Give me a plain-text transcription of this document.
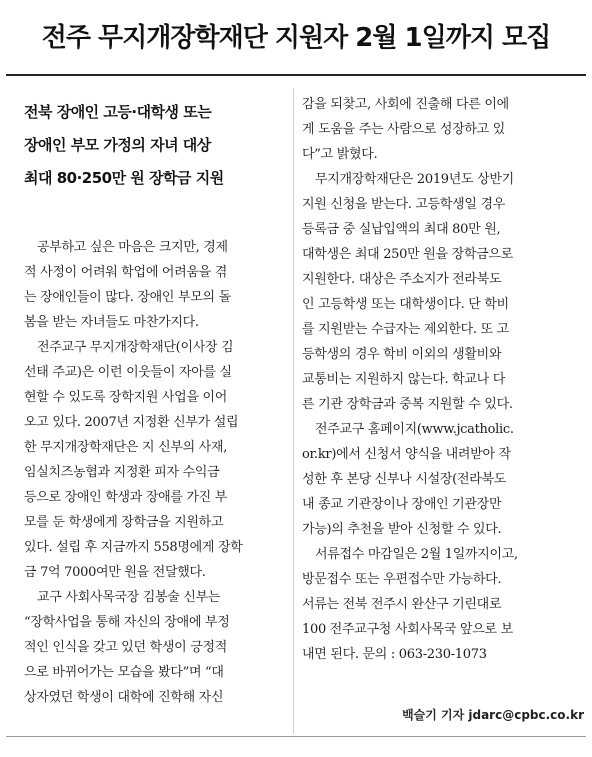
전주 무지개장학재단 지원자 2월 1일까지 모집
전북 장애인 고등·대학생 또는
장애인 부모 가정의 자녀 대상
최대 80·250만 원 장학금 지원

공부하고 싶은 마음은 크지만, 경제
적 사정이 어려워 학업에 어려움을 겪
는 장애인들이 많다. 장애인 부모의 돌
봄을 받는 자녀들도 마찬가지다.

전주교구 무지개장학재단(이사장 김
선태 주교)은 이런 이웃들이 자아를 실
현할 수 있도록 장학지원 사업을 이어
오고 있다. 2007년 지정환 신부가 설립
한 무지개장학재단은 지 신부의 사재,
임실치즈농협과 지정환 피자 수익금
등으로 장애인 학생과 장애를 가진 부
모를 둔 학생에게 장학금을 지원하고
있다. 설립 후 지금까지 558명에게 장학
금 7억 7000여만 원을 전달했다.

교구 사회사목국장 김봉술 신부는
“장학사업을 통해 자신의 장애에 부정
적인 인식을 갖고 있던 학생이 긍정적
으로 바뀌어가는 모습을 봤다”며 “대
상자였던 학생이 대학에 진학해 자신

감을 되찾고, 사회에 진출해 다른 이에
게 도움을 주는 사람으로 성장하고 있
다”고 밝혔다.

무지개장학재단은 2019년도 상반기
지원 신청을 받는다. 고등학생일 경우
등록금 중 실납입액의 최대 80만 원,
대학생은 최대 250만 원을 장학금으로
지원한다. 대상은 주소지가 전라북도
인 고등학생 또는 대학생이다. 단 학비
를 지원받는 수급자는 제외한다. 또 고
등학생의 경우 학비 이외의 생활비와
교통비는 지원하지 않는다. 학교나 다
른 기관 장학금과 중복 지원할 수 있다.

전주교구 홈페이지(www.jcatholic.
or.kr)에서 신청서 양식을 내려받아 작
성한 후 본당 신부나 시설장(전라북도
내 종교 기관장이나 장애인 기관장만
가능)의 추천을 받아 신청할 수 있다.

서류접수 마감일은 2월 1일까지이고,
방문접수 또는 우편접수만 가능하다.
서류는 전북 전주시 완산구 기린대로
100 전주교구청 사회사목국 앞으로 보
내면 된다. 문의 : 063-230-1073

백슬기 기자 jdarc@cpbc.co.kr
